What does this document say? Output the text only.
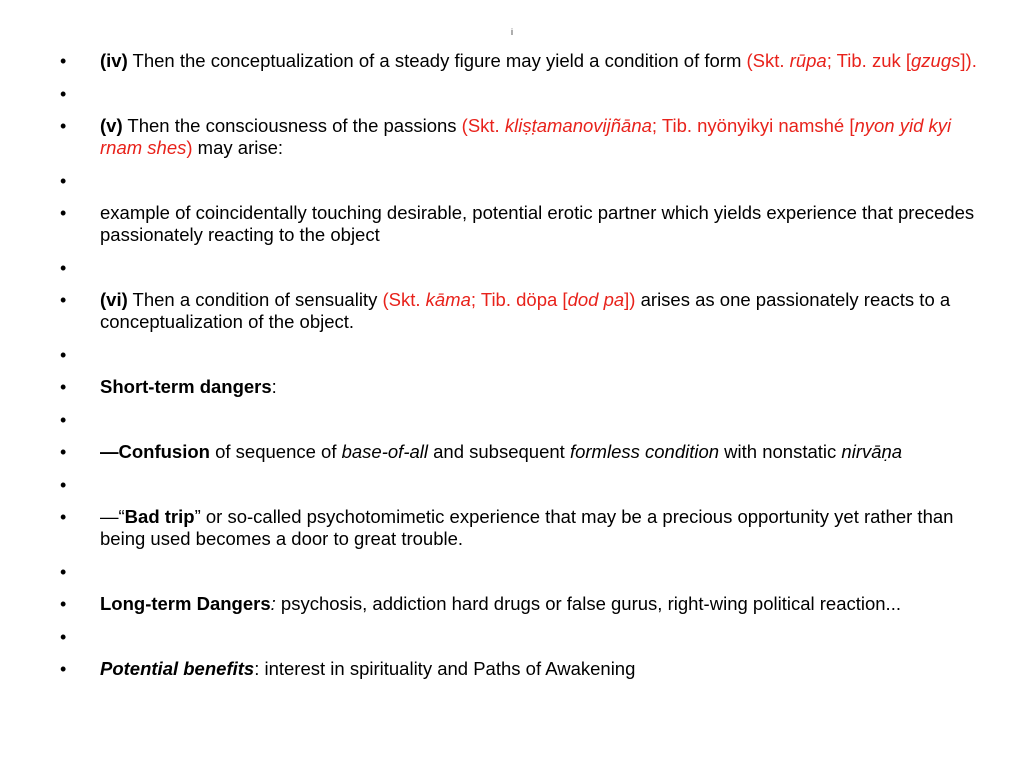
i
• (iv) Then the conceptualization of a steady figure may yield a condition of form (Skt. rūpa; Tib. zuk [gzugs]).
•
• (v) Then the consciousness of the passions (Skt. kliṣṭamanovijñāna; Tib. nyönyikyi namshé [nyon yid kyi rnam shes) may arise:
•
• example of coincidentally touching desirable, potential erotic partner which yields experience that precedes passionately reacting to the object
•
• (vi) Then a condition of sensuality (Skt. kāma; Tib. döpa [dod pa]) arises as one passionately reacts to a conceptualization of the object.
•
• Short-term dangers:
•
• —Confusion of sequence of base-of-all and subsequent formless condition with nonstatic nirvāṇa
•
• —“Bad trip” or so-called psychotomimetic experience that may be a precious opportunity yet rather than being used becomes a door to great trouble.
•
• Long-term Dangers: psychosis, addiction hard drugs or false gurus, right-wing political reaction...
•
• Potential benefits: interest in spirituality and Paths of Awakening
